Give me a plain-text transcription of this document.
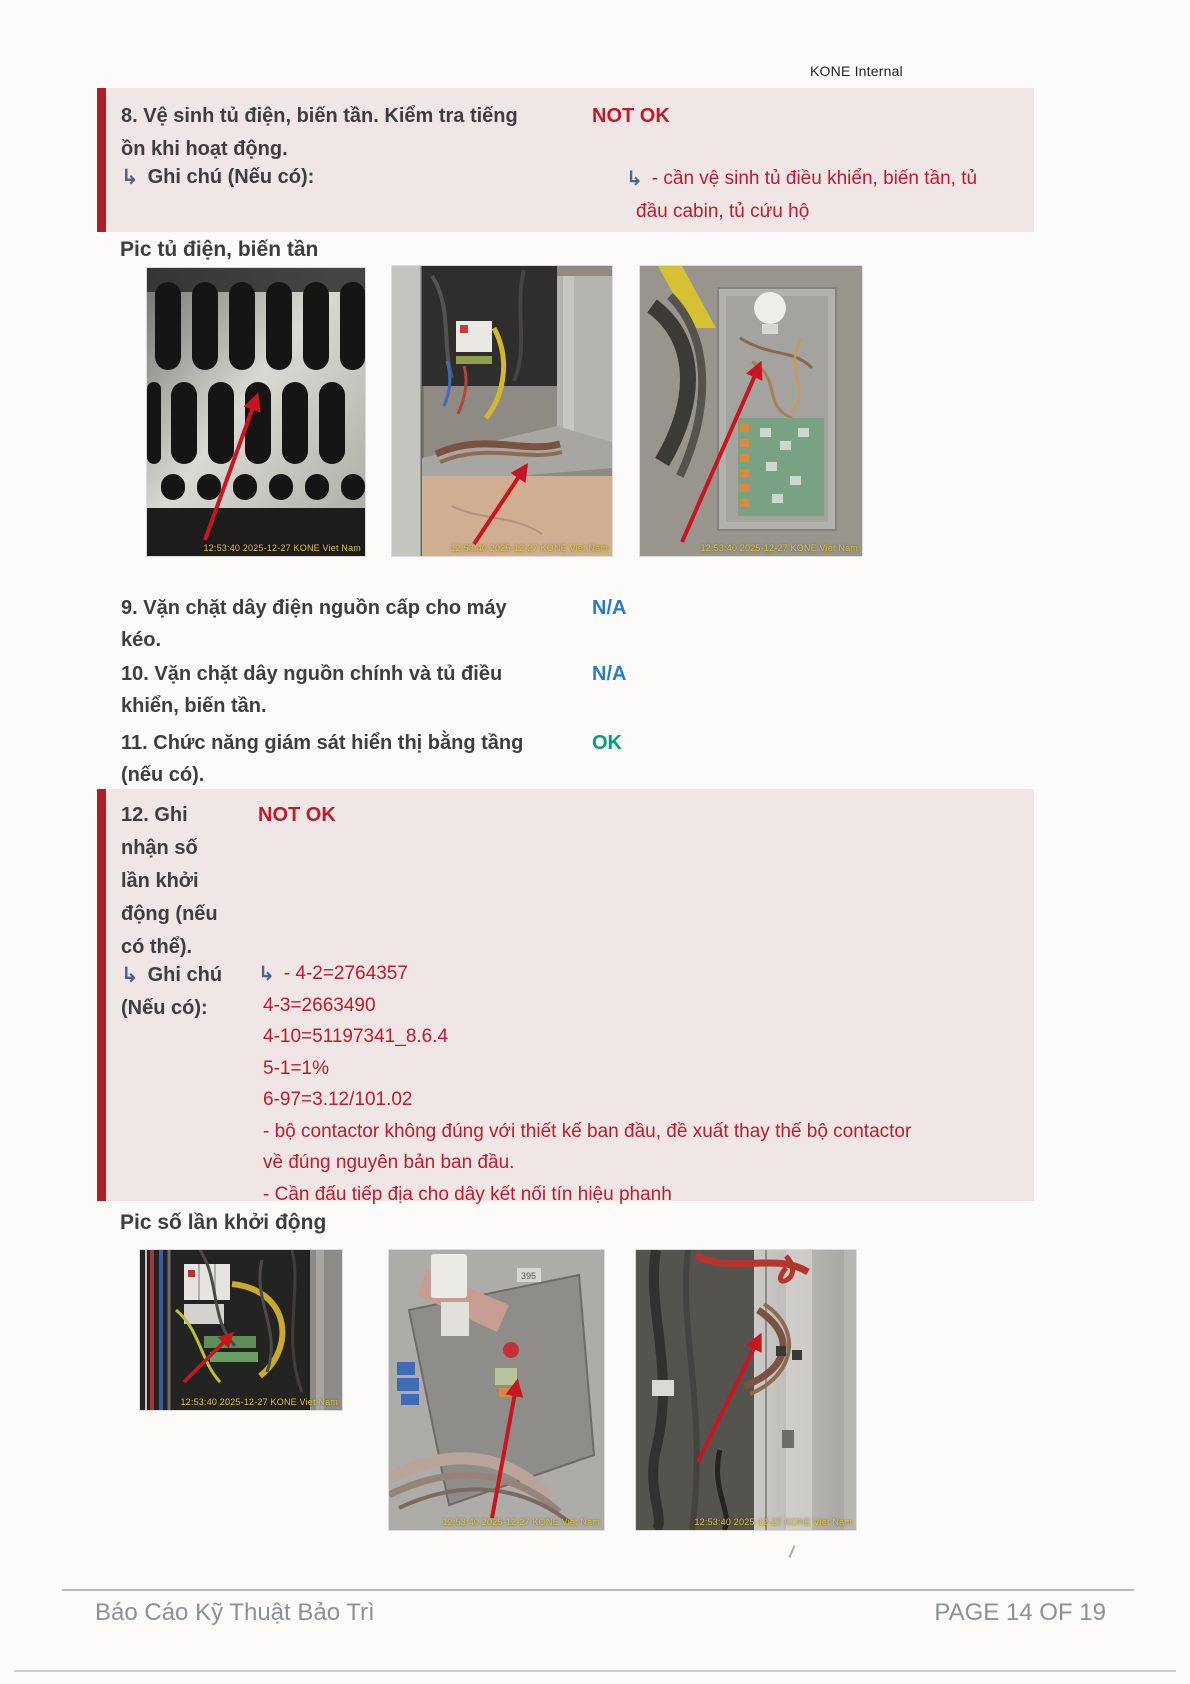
KONE Internal
8. Vệ sinh tủ điện, biến tần. Kiểm tra tiếng
ồn khi hoạt động.
NOT OK
↳ Ghi chú (Nếu có):	↳ - cần vệ sinh tủ điều khiển, biến tần, tủ
đầu cabin, tủ cứu hộ
Pic tủ điện, biến tần
12:53:40 2025-12-27 KONE Viet Nam	12:53:40 2025-12-27 KONE Viet Nam	12:53:40 2025-12-27 KONE Viet Nam
9. Vặn chặt dây điện nguồn cấp cho máy
kéo.
N/A
10. Vặn chặt dây nguồn chính và tủ điều
khiển, biến tần.
N/A
11. Chức năng giám sát hiển thị bằng tầng
(nếu có).
OK
12. Ghi
nhận số
lần khởi
động (nếu
có thể).
NOT OK
↳ Ghi chú
(Nếu có):
↳ - 4-2=2764357
4-3=2663490
4-10=51197341_8.6.4
5-1=1%
6-97=3.12/101.02
- bộ contactor không đúng với thiết kế ban đầu, đề xuất thay thế bộ contactor
về đúng nguyên bản ban đầu.
- Cần đấu tiếp địa cho dây kết nối tín hiệu phanh
Pic số lần khởi động
12:53:40 2025-12-27 KONE Viet Nam
395
12:53:40 2025-12-27 KONE Viet Nam	12:53:40 2025-12-27 KONE Viet Nam
Báo Cáo Kỹ Thuật Bảo Trì	PAGE 14 OF 19
